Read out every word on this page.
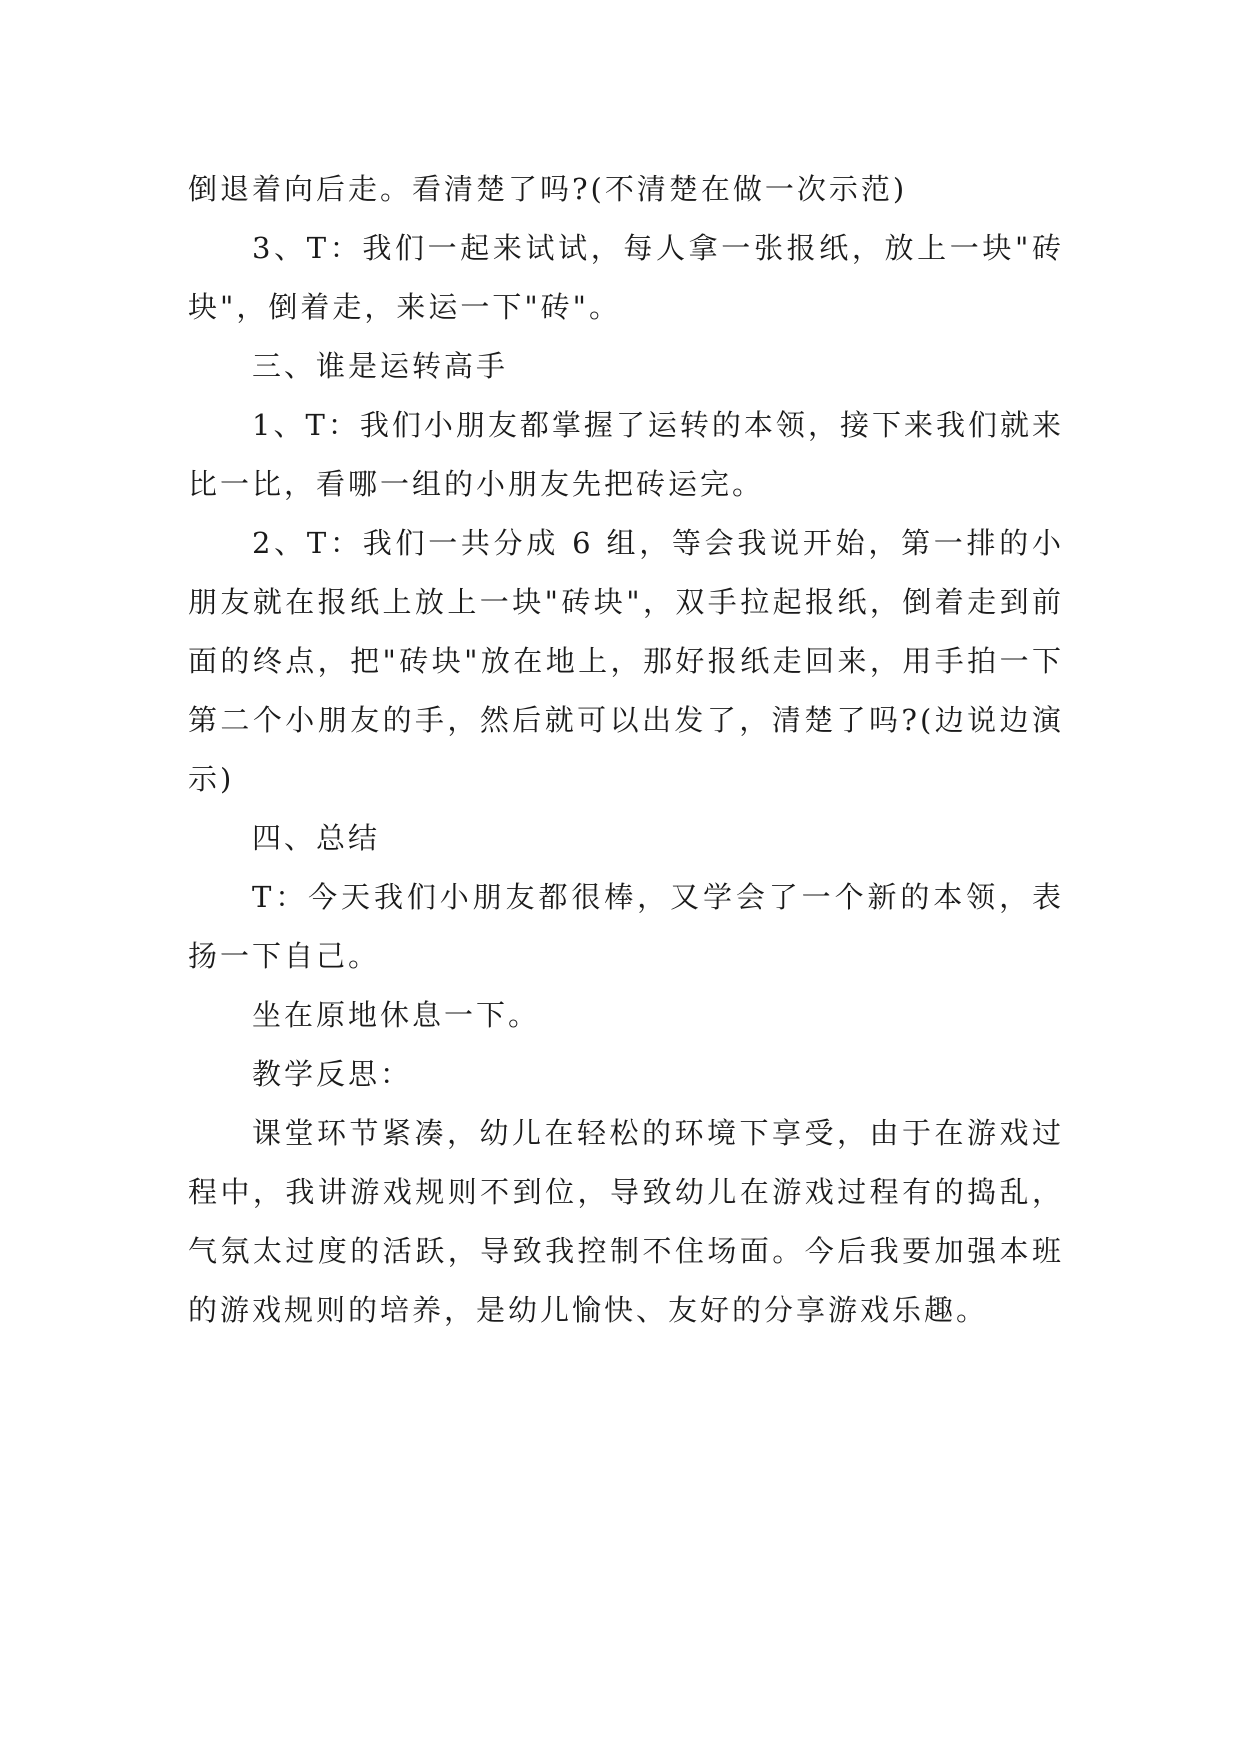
倒退着向后走。看清楚了吗?(不清楚在做一次示范)

3、T：我们一起来试试，每人拿一张报纸，放上一块"砖块"，倒着走，来运一下"砖"。

三、谁是运转高手

1、T：我们小朋友都掌握了运转的本领，接下来我们就来比一比，看哪一组的小朋友先把砖运完。

2、T：我们一共分成 6 组，等会我说开始，第一排的小朋友就在报纸上放上一块"砖块"，双手拉起报纸，倒着走到前面的终点，把"砖块"放在地上，那好报纸走回来，用手拍一下第二个小朋友的手，然后就可以出发了，清楚了吗?(边说边演示)

四、总结

T：今天我们小朋友都很棒，又学会了一个新的本领，表扬一下自己。

坐在原地休息一下。

教学反思：

课堂环节紧凑，幼儿在轻松的环境下享受，由于在游戏过程中，我讲游戏规则不到位，导致幼儿在游戏过程有的捣乱，气氛太过度的活跃，导致我控制不住场面。今后我要加强本班的游戏规则的培养，是幼儿愉快、友好的分享游戏乐趣。
